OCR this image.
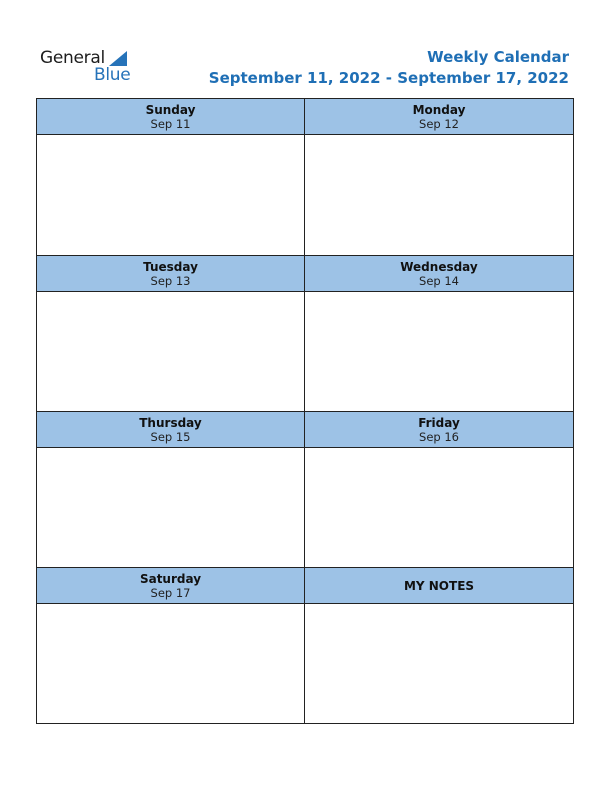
General
Blue
Weekly Calendar
September 11, 2022 - September 17, 2022
Sunday
Sep 11
Monday
Sep 12
Tuesday
Sep 13
Wednesday
Sep 14
Thursday
Sep 15
Friday
Sep 16
Saturday
Sep 17	MY NOTES
